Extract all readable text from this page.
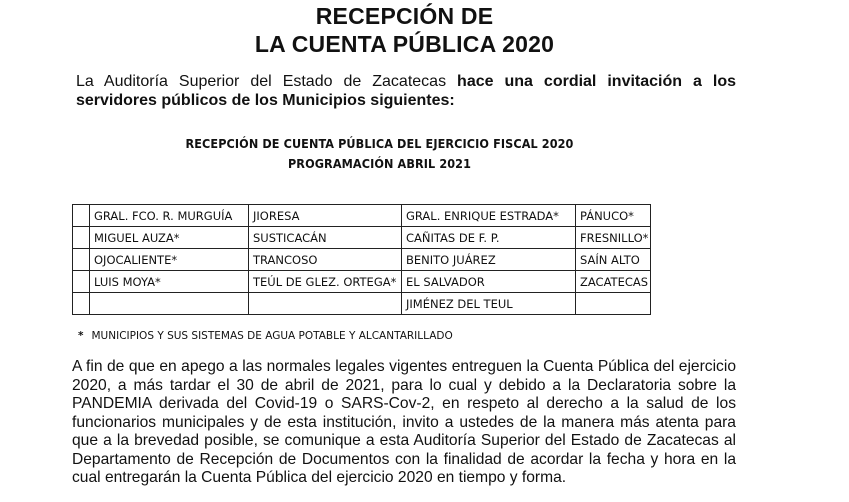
RECEPCIÓN DE
LA CUENTA PÚBLICA 2020
La Auditoría Superior del Estado de Zacatecas hace una cordial invitación a los servidores públicos de los Municipios siguientes:
RECEPCIÓN DE CUENTA PÚBLICA DEL EJERCICIO FISCAL 2020
PROGRAMACIÓN ABRIL 2021
	GRAL. FCO. R. MURGUÍA	JIORESA	GRAL. ENRIQUE ESTRADA*	PÁNUCO*
	MIGUEL AUZA*	SUSTICACÁN	CAÑITAS DE F. P.	FRESNILLO*
	OJOCALIENTE*	TRANCOSO	BENITO JUÁREZ	SAÍN ALTO
	LUIS MOYA*	TEÚL DE GLEZ. ORTEGA*	EL SALVADOR	ZACATECAS
			JIMÉNEZ DEL TEUL	
* MUNICIPIOS Y SUS SISTEMAS DE AGUA POTABLE Y ALCANTARILLADO
A fin de que en apego a las normales legales vigentes entreguen la Cuenta Pública del ejercicio 2020, a más tardar el 30 de abril de 2021, para lo cual y debido a la Declaratoria sobre la PANDEMIA derivada del Covid-19 o SARS-Cov-2, en respeto al derecho a la salud de los funcionarios municipales y de esta institución, invito a ustedes de la manera más atenta para que a la brevedad posible, se comunique a esta Auditoría Superior del Estado de Zacatecas al Departamento de Recepción de Documentos con la finalidad de acordar la fecha y hora en la cual entregarán la Cuenta Pública del ejercicio 2020 en tiempo y forma.
